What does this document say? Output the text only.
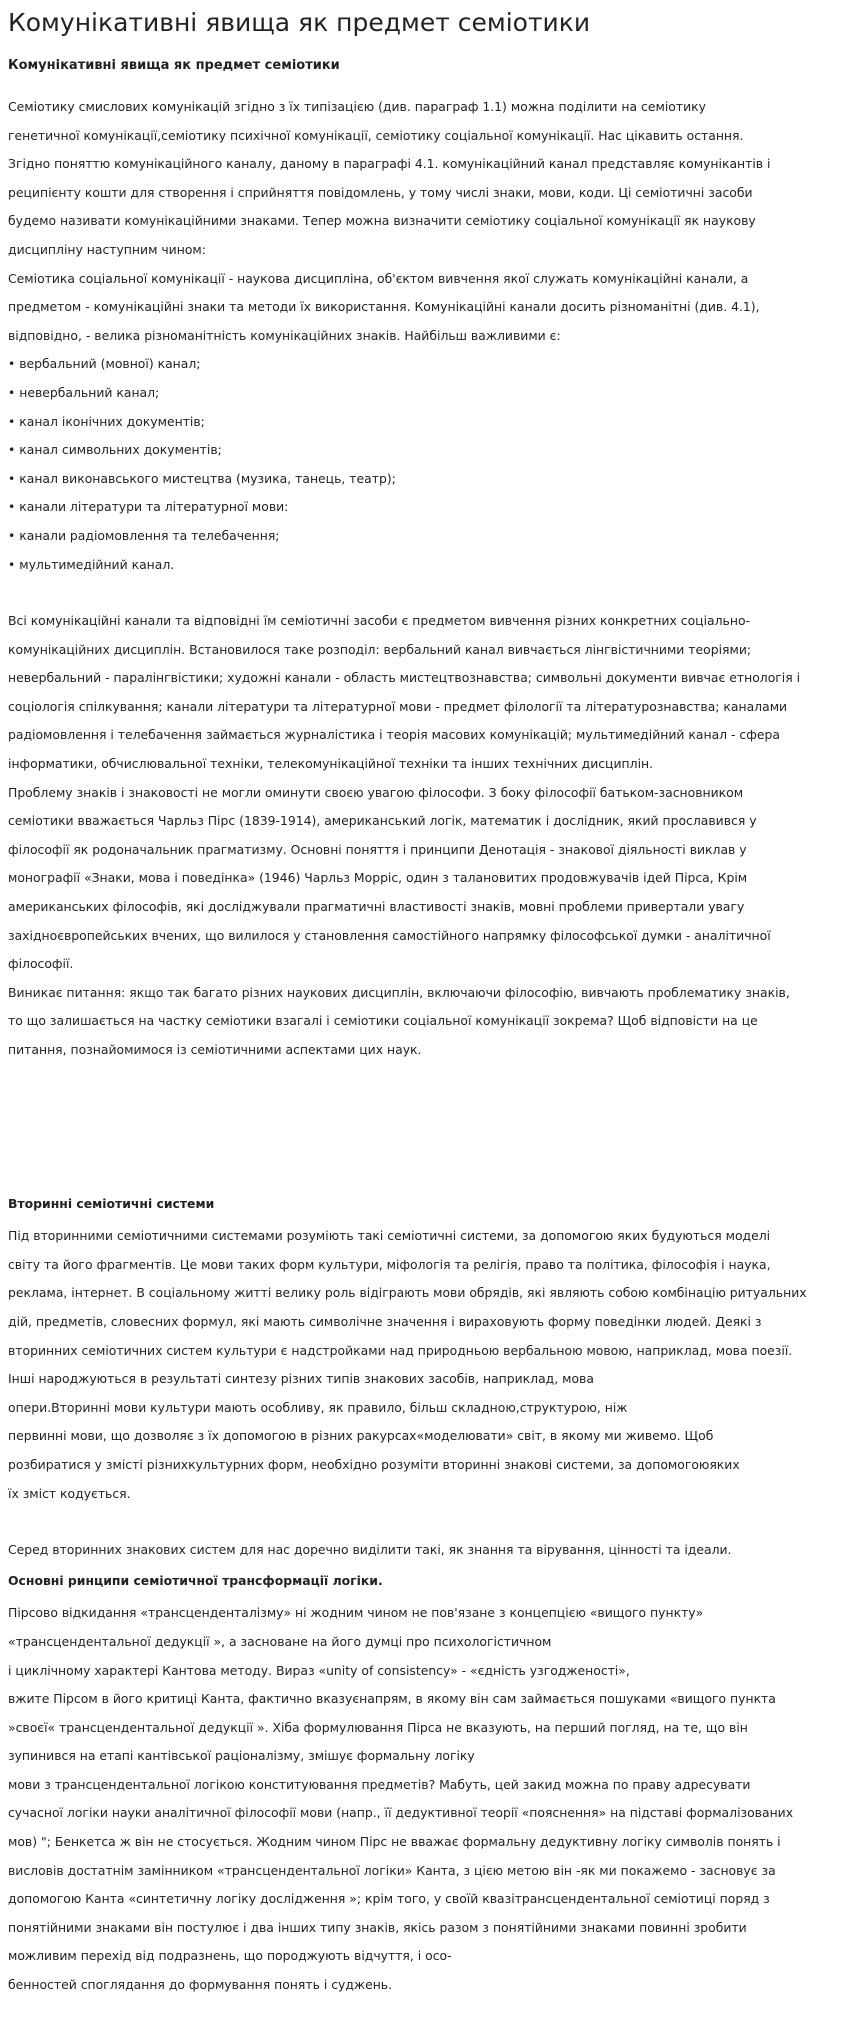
Комунікативні явища як предмет семіотики
Комунікативні явища як предмет семіотики
Семіотику смислових комунікацій згідно з їх типізацією (див. параграф 1.1) можна поділити на семіотику
генетичної комунікації,семіотику психічної комунікації, семіотику соціальної комунікації. Нас цікавить остання.
Згідно поняттю комунікаційного каналу, даному в параграфі 4.1. комунікаційний канал представляє комунікантів і
реципієнту кошти для створення і сприйняття повідомлень, у тому числі знаки, мови, коди. Ці семіотичні засоби
будемо називати комунікаційними знаками. Тепер можна визначити семіотику соціальної комунікації як наукову
дисципліну наступним чином:
Семіотика соціальної комунікації - наукова дисципліна, об'єктом вивчення якої служать комунікаційні канали, а
предметом - комунікаційні знаки та методи їх використання. Комунікаційні канали досить різноманітні (див. 4.1),
відповідно, - велика різноманітність комунікаційних знаків. Найбільш важливими є:
• вербальний (мовної) канал;
• невербальний канал;
• канал іконічних документів;
• канал символьних документів;
• канал виконавського мистецтва (музика, танець, театр);
• канали літератури та літературної мови:
• канали радіомовлення та телебачення;
• мультимедійний канал.
Всі комунікаційні канали та відповідні їм семіотичні засоби є предметом вивчення різних конкретних соціально-
комунікаційних дисциплін. Встановилося таке розподіл: вербальний канал вивчається лінгвістичними теоріями;
невербальний - паралінгвістики; художні канали - область мистецтвознавства; символьні документи вивчає етнологія і
соціологія спілкування; канали літератури та літературної мови - предмет філології та літературознавства; каналами
радіомовлення і телебачення займається журналістика і теорія масових комунікацій; мультимедійний канал - сфера
інформатики, обчислювальної техніки, телекомунікаційної техніки та інших технічних дисциплін.
Проблему знаків і знаковості не могли оминути своєю увагою філософи. З боку філософії батьком-засновником
семіотики вважається Чарльз Пірс (1839-1914), американський логік, математик і дослідник, який прославився у
філософії як родоначальник прагматизму. Основні поняття і принципи Денотація - знакової діяльності виклав у
монографії «Знаки, мова і поведінка» (1946) Чарльз Морріс, один з талановитих продовжувачів ідей Пірса, Крім
американських філософів, які досліджували прагматичні властивості знаків, мовні проблеми привертали увагу
західноєвропейських вчених, що вилилося у становлення самостійного напрямку філософської думки - аналітичної
філософії.
Виникає питання: якщо так багато різних наукових дисциплін, включаючи філософію, вивчають проблематику знаків,
то що залишається на частку семіотики взагалі і семіотики соціальної комунікації зокрема? Щоб відповісти на це
питання, познайомимося із семіотичними аспектами цих наук.
Вторинні семіотичні системи
Під вторинними семіотичними системами розуміють такі семіотичні системи, за допомогою яких будуються моделі
світу та його фрагментів. Це мови таких форм культури, міфологія та релігія, право та політика, філософія і наука,
реклама, інтернет. В соціальному житті велику роль відіграють мови обрядів, які являють собою комбінацію ритуальних
дій, предметів, словесних формул, які мають символічне значення і вираховують форму поведінки людей. Деякі з
вторинних семіотичних систем культури є надстройками над природньою вербальною мовою, наприклад, мова поезії.
Інші народжуються в результаті синтезу різних типів знакових засобів, наприклад, мова
опери.Вторинні мови культури мають особливу, як правило, більш складною,структурою, ніж
первинні мови, що дозволяє з їх допомогою в різних ракурсах«моделювати» світ, в якому ми живемо. Щоб
розбиратися у змісті різнихкультурних форм, необхідно розуміти вторинні знакові системи, за допомогоюяких
їх зміст кодується.
Серед вторинних знакових систем для нас доречно виділити такі, як знання та вірування, цінності та ідеали.
Основні ринципи семіотичної трансформації логіки.
Пірсово відкидання «трансценденталізму» ні жодним чином не пов'язане з концепцією «вищого пункту»
«трансцендентальної дедукції », а засноване на його думці про психологістичном
і циклічному характері Кантова методу. Вираз «unity of consistency» - «єдність узгодженості»,
вжите Пірсом в його критиці Канта, фактично вказуєнапрям, в якому він сам займається пошуками «вищого пункта
»своєї« трансцендентальної дедукції ». Хіба формулювання Пірса не вказують, на перший погляд, на те, що він
зупинився на етапі кантівської раціоналізму, змішує формальну логіку
мови з трансцендентальної логікою конституювання предметів? Мабуть, цей закид можна по праву адресувати
сучасної логіки науки аналітичної філософії мови (напр., її дедуктивної теорії «пояснення» на підставі формалізованих
мов) "; Бенкетса ж він не стосується. Жодним чином Пірс не вважає формальну дедуктивну логіку символів понять і
висловів достатнім замінником «трансцендентальної логіки» Канта, з цією метою він -як ми покажемо - засновує за
допомогою Канта «синтетичну логіку дослідження »; крім того, у своїй квазітрансцендентальної семіотиці поряд з
понятійними знаками він постулює і два інших типу знаків, якісь разом з понятійними знаками повинні зробити
можливим перехід від подразнень, що породжують відчуття, і осо-
бенностей споглядання до формування понять і суджень.
